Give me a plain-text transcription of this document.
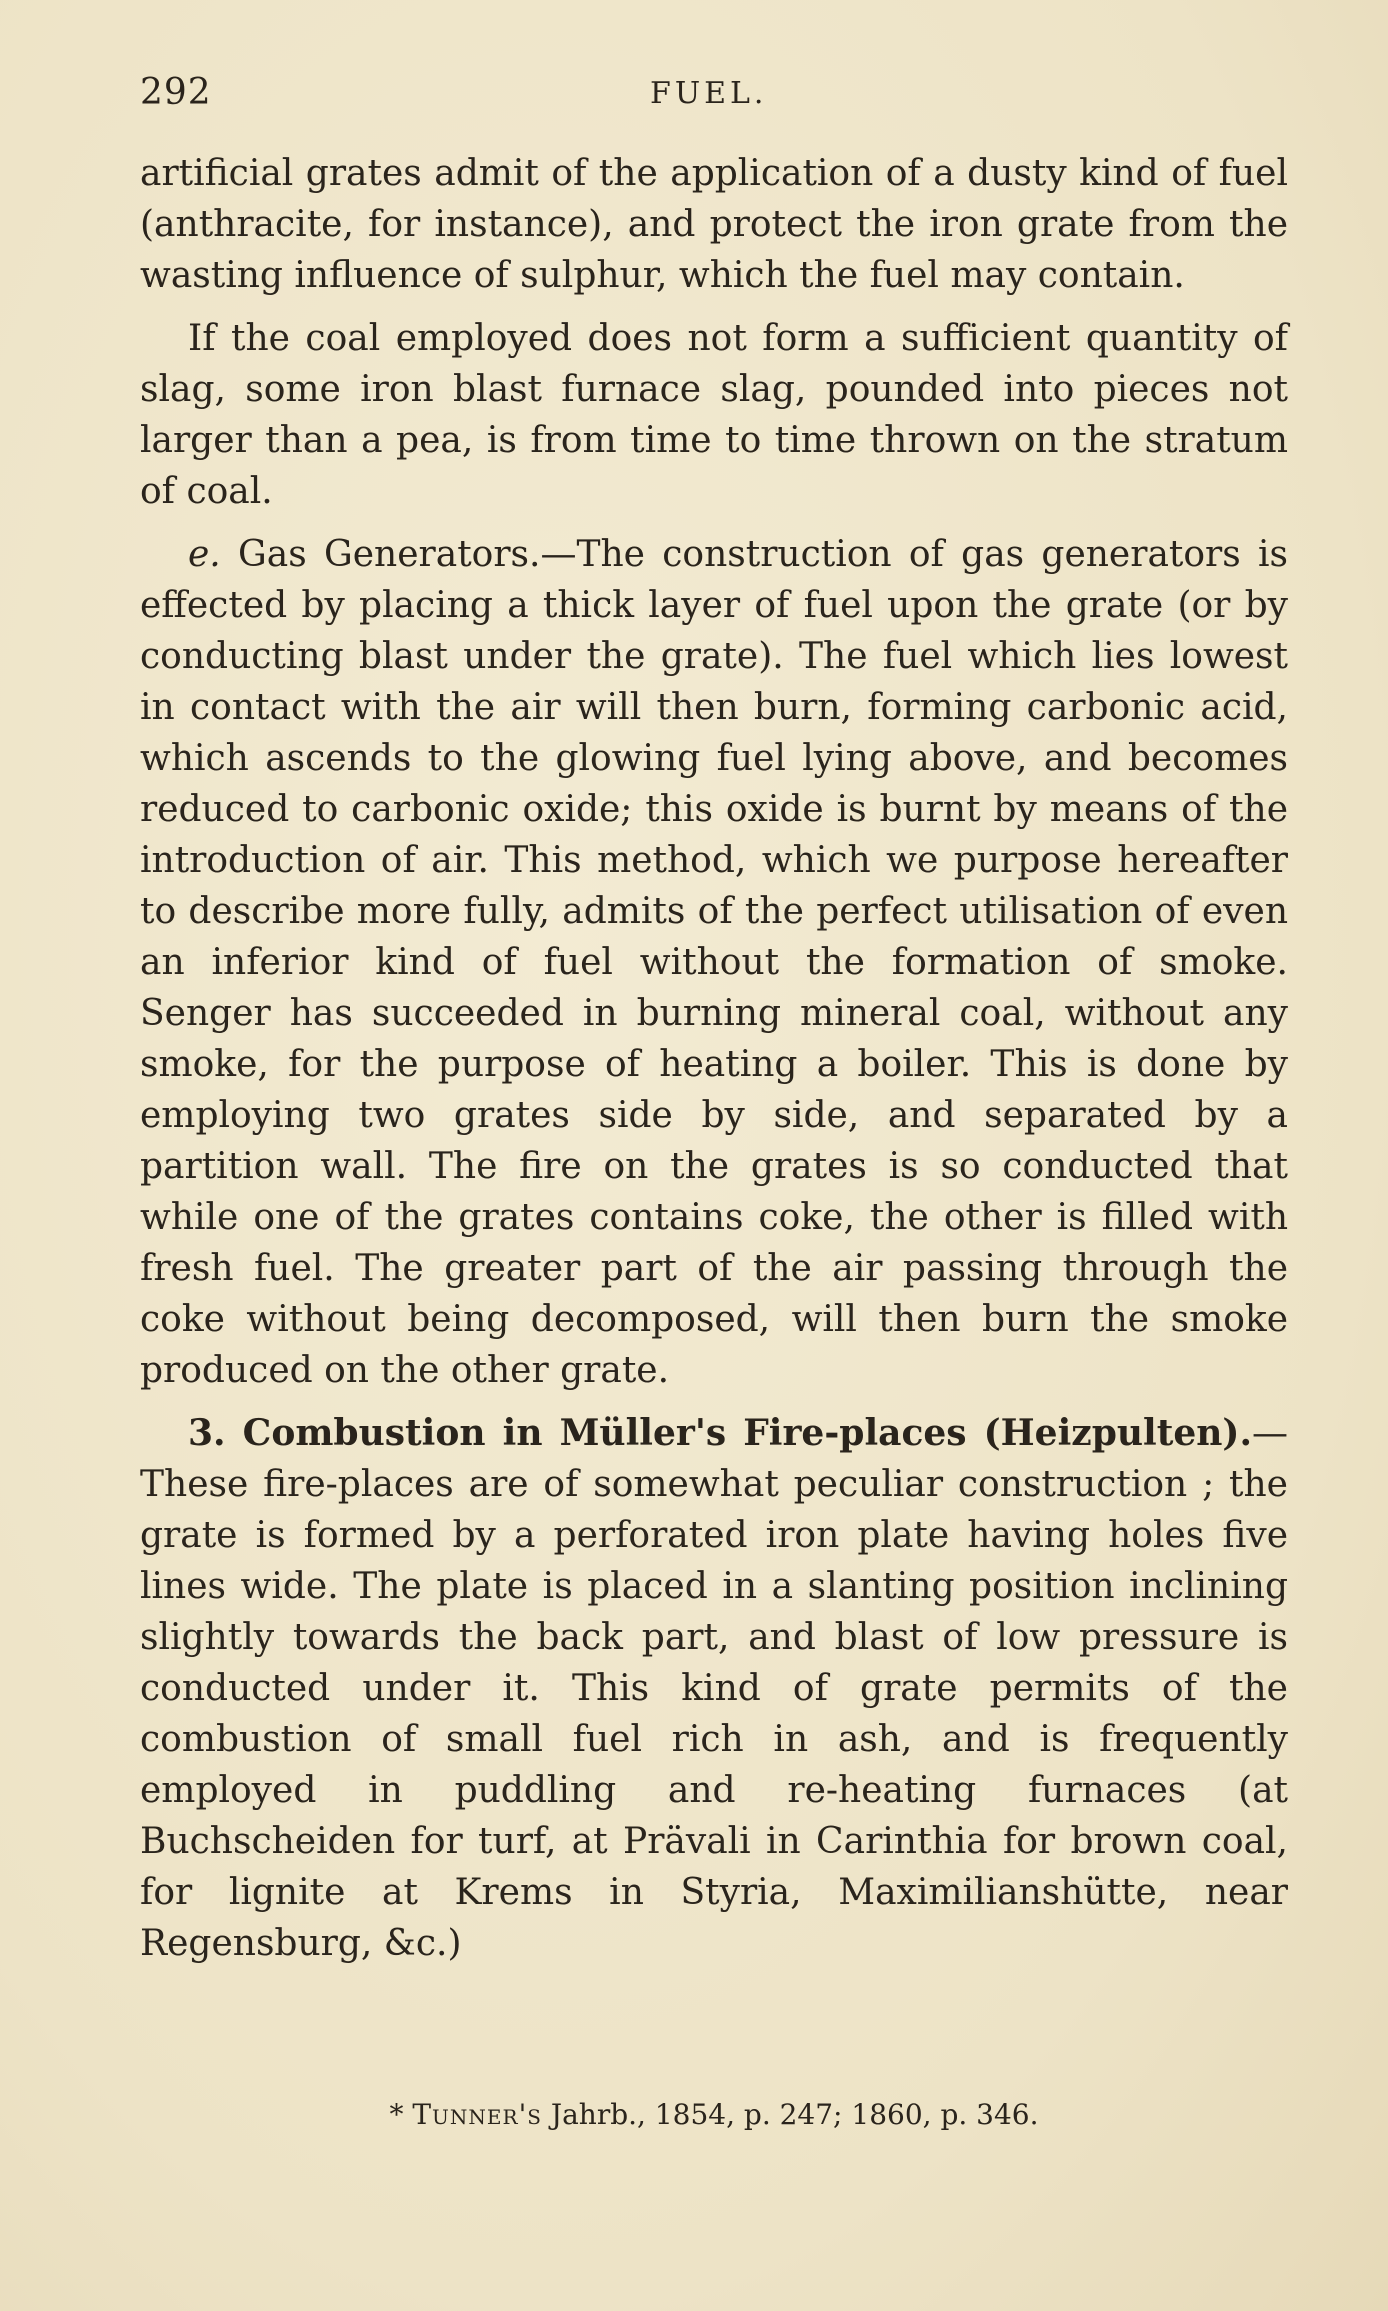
292	FUEL.

artificial grates admit of the application of a dusty kind of fuel (anthracite, for instance), and protect the iron grate from the wasting influence of sulphur, which the fuel may contain.

If the coal employed does not form a sufficient quantity of slag, some iron blast furnace slag, pounded into pieces not larger than a pea, is from time to time thrown on the stratum of coal.

e. Gas Generators.—The construction of gas generators is effected by placing a thick layer of fuel upon the grate (or by conducting blast under the grate). The fuel which lies lowest in contact with the air will then burn, forming carbonic acid, which ascends to the glowing fuel lying above, and becomes reduced to carbonic oxide; this oxide is burnt by means of the introduction of air. This method, which we purpose hereafter to describe more fully, admits of the perfect utilisation of even an inferior kind of fuel without the formation of smoke. Senger has succeeded in burning mineral coal, without any smoke, for the purpose of heating a boiler. This is done by employing two grates side by side, and separated by a partition wall. The fire on the grates is so conducted that while one of the grates contains coke, the other is filled with fresh fuel. The greater part of the air passing through the coke without being decomposed, will then burn the smoke produced on the other grate.

3. Combustion in Müller's Fire-places (Heizpulten).— These fire-places are of somewhat peculiar construction ; the grate is formed by a perforated iron plate having holes five lines wide. The plate is placed in a slanting position inclining slightly towards the back part, and blast of low pressure is conducted under it. This kind of grate permits of the combustion of small fuel rich in ash, and is frequently employed in puddling and re-heating furnaces (at Buchscheiden for turf, at Prävali in Carinthia for brown coal, for lignite at Krems in Styria, Maximilianshütte, near Regensburg, &c.)

* Tunner's Jahrb., 1854, p. 247; 1860, p. 346.
